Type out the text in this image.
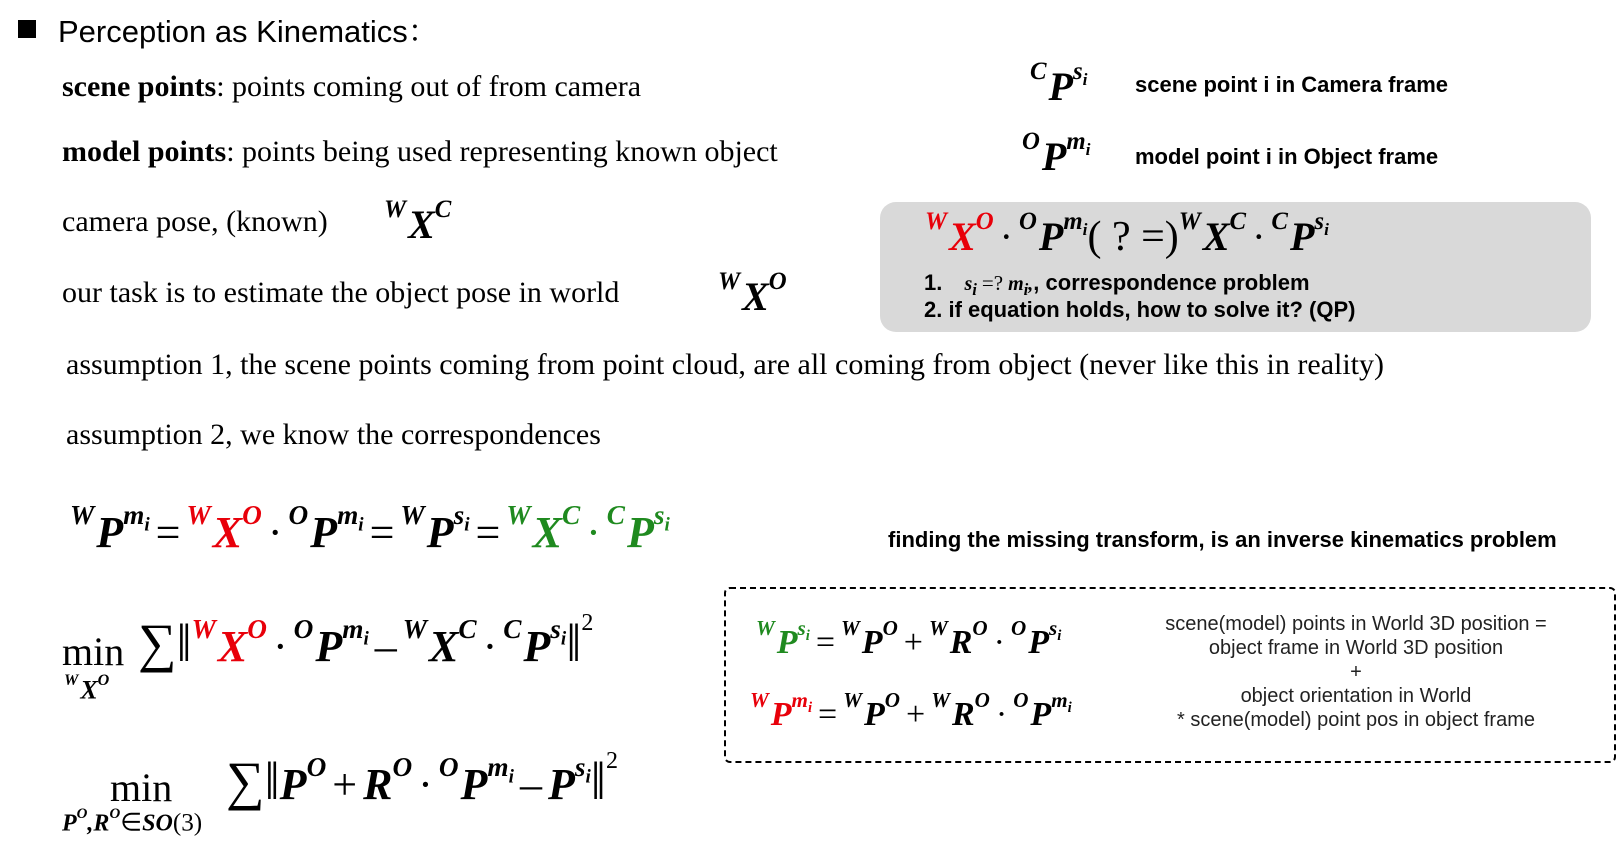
Perception as Kinematics：
scene points: points coming out of from camera
model points: points being used representing known object
camera pose, (known) $^WX^C$
our task is to estimate the object pose in world	$^WX^O$
$^CP^{s_i}$ scene point i in Camera frame
$^OP^{m_i}$ model point i in Object frame
$^WX^O \cdot ^OP^{m_i}$( ? $=)^WX^C \cdot ^CP^{s_i}$
1. $s_i$ =? $m_i$,, correspondence problem
2. if equation holds, how to solve it? (QP)
assumption 1, the scene points coming from point cloud, are all coming from object (never like this in reality)
assumption 2, we know the correspondences
$^WP^{m_i} = ^WX^O \cdot ^OP^{m_i} = ^WP^{s_i} = ^WX^C \cdot ^CP^{s_i}$
finding the missing transform, is an inverse kinematics problem
min
$^WX^O$
$\sum‖^WX^O \cdot ^OP^{m_i} - ^WX^C$ · $^CP^{s_i}‖^2$
min
$P^O,R^O\in SO(3)$
$\sum‖P^O + R^O \cdot ^OP^{m_i}$ – $P^{s_i}‖^2$
$^WP^{s_i} = ^WP^O + ^WR^O \cdot ^OP^{s_i}$
$^WP^{m_i} = ^WP^O + ^WR^O \cdot ^OP^{m_i}$
scene(model) points in World 3D position =
object frame in World 3D position
+
object orientation in World
* scene(model) point pos in object frame
